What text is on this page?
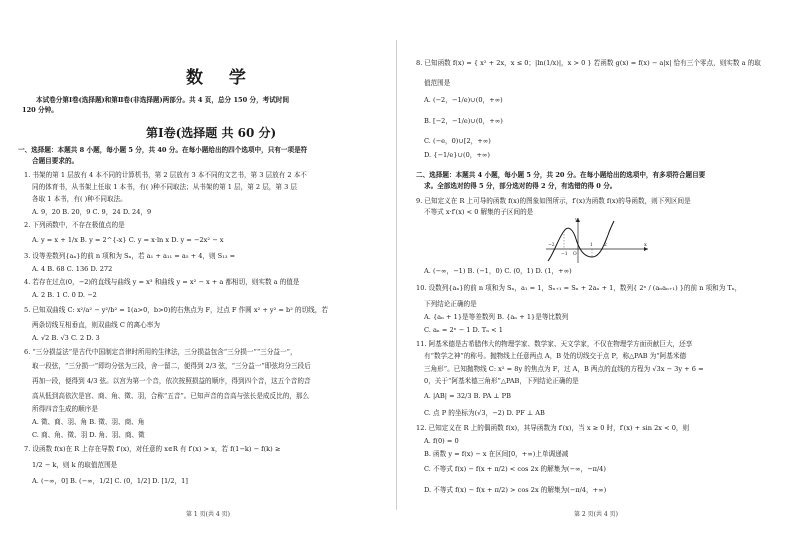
数 学
本试卷分第Ⅰ卷(选择题)和第Ⅱ卷(非选择题)两部分。共 4 页，总分 150 分，考试时间
120 分钟。
第Ⅰ卷(选择题 共 60 分)
一、选择题：本题共 8 小题，每小题 5 分，共 40 分。在每小题给出的四个选项中，只有一项是符
合题目要求的。
1. 书架的第 1 层放有 4 本不同的计算机书，第 2 层放有 3 本不同的文艺书，第 3 层放有 2 本不
同的体育书，从书架上任取 1 本书，有( )种不同取法；从书架的第 1 层，第 2 层，第 3 层
各取 1 本书，有( )种不同取法。
A. 9，20 B. 20，9 C. 9，24 D. 24，9
2. 下列函数中，不存在极值点的是
A. y = x + 1/x B. y = 2^{-x} C. y = x·ln x D. y = −2x² − x
3. 设等差数列{aₙ}的前 n 项和为 Sₙ，若 a₁ + a₁₁ = a₅ + 4，则 S₁₃ =
A. 4 B. 68 C. 136 D. 272
4. 若存在过点(0，−2)的直线与曲线 y = x³ 和曲线 y = x² − x + a 都相切，则实数 a 的值是
A. 2 B. 1 C. 0 D. −2
5. 已知双曲线 C: x²/a² − y²/b² = 1(a>0，b>0)的右焦点为 F，过点 F 作圆 x² + y² = b² 的切线，若
两条切线互相垂直，则双曲线 C 的离心率为
A. √2 B. √3 C. 2 D. 3
6. “三分损益法”是古代中国制定音律时所用的生律法，三分损益包含“三分损一”“三分益一”，
取一段弦，“三分损一”即均分弦为三段，舍一留二，便得到 2/3 弦，“三分益一”即弦均分三段后
再加一段，便得到 4/3 弦。以宫为第一个音，依次按照损益的顺序，得到四个音，这五个音的音
高从低到高依次是宫、商、角、徵、羽，合称“五音”。已知声音的音高与弦长是成反比的，那么
所得四音生成的顺序是
A. 徵、商、羽、角 B. 徵、羽、商、角
C. 商、角、徵、羽 D. 角、羽、商、徵
7. 设函数 f(x)在 R 上存在导数 f′(x)，对任意的 x∈R 有 f′(x) > x，若 f(1−k) − f(k) ≥
1/2 − k，则 k 的取值范围是
A. (−∞，0] B. (−∞，1/2] C. (0，1/2] D. [1/2，1]
第 1 页(共 4 页)
8. 已知函数 f(x) = { x² + 2x，x ≤ 0；|ln(1/x)|，x > 0 } 若函数 g(x) = f(x) − a|x| 恰有三个零点，则实数 a 的取
值范围是
A. (−2，−1/e)∪(0，+∞)
B. [−2，−1/e)∪(0，+∞)
C. (−e，0)∪[2，+∞)
D. {−1/e}∪(0，+∞)
二、选择题：本题共 4 小题，每小题 5 分，共 20 分。在每小题给出的选项中，有多项符合题目要
求。全部选对的得 5 分，部分选对的得 2 分，有选错的得 0 分。
9. 已知定义在 R 上可导的函数 f(x)的图象如图所示，f′(x)为函数 f(x)的导函数，则下列区间是
不等式 x·f′(x) < 0 解集的子区间的是
y
x
O
−2
−1
1 2
A. (−∞，−1) B. (−1，0) C. (0，1) D. (1，+∞)
10. 设数列{aₙ}的前 n 项和为 Sₙ，a₁ = 1，Sₙ₊₁ = Sₙ + 2aₙ + 1，数列{ 2ⁿ / (aₙaₙ₊₁) }的前 n 项和为 Tₙ，
下列结论正确的是
A. {aₙ + 1}是等差数列 B. {aₙ + 1}是等比数列
C. aₙ = 2ⁿ − 1 D. Tₙ < 1
11. 阿基米德是古希腊伟大的物理学家、数学家、天文学家，不仅在物理学方面贡献巨大，还享
有“数学之神”的称号。抛物线上任意两点 A，B 处的切线交于点 P，称△PAB 为“阿基米德
三角形”。已知抛物线 C: x² = 8y 的焦点为 F，过 A，B 两点的直线的方程为 √3x − 3y + 6 =
0，关于“阿基米德三角形”△PAB，下列结论正确的是
A. |AB| = 32/3 B. PA ⊥ PB
C. 点 P 的坐标为(√3，−2) D. PF ⊥ AB
12. 已知定义在 R 上的偶函数 f(x)，其导函数为 f′(x)，当 x ≥ 0 时，f′(x) + sin 2x < 0，则
A. f(0) = 0
B. 函数 y = f(x) − x 在区间[0，+∞)上单调递减
C. 不等式 f(x) − f(x + π/2) < cos 2x 的解集为(−∞，−π/4)
D. 不等式 f(x) − f(x + π/2) > cos 2x 的解集为(−π/4，+∞)
第 2 页(共 4 页)
